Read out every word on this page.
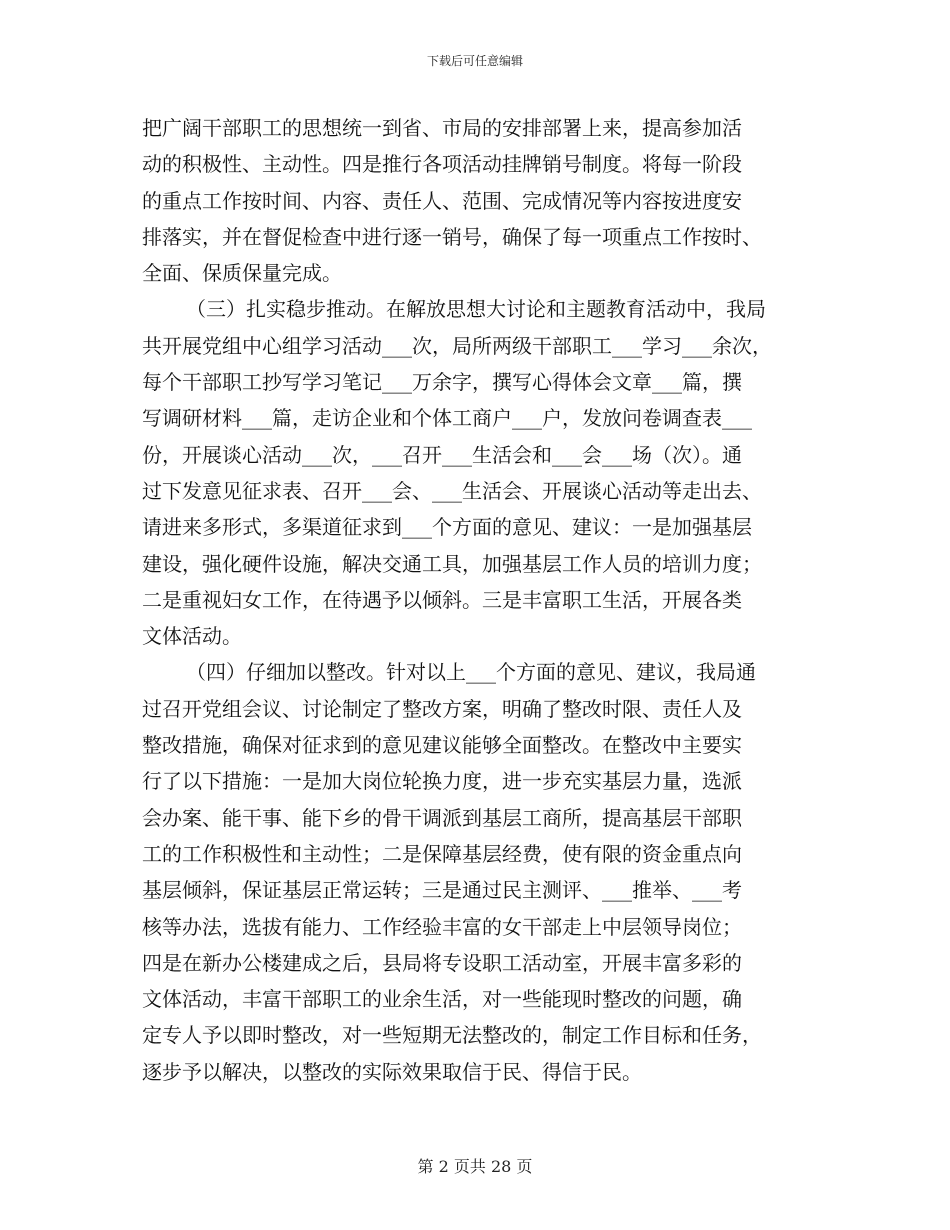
下载后可任意编辑
把广阔干部职工的思想统一到省、市局的安排部署上来，提高参加活
动的积极性、主动性。四是推行各项活动挂牌销号制度。将每一阶段
的重点工作按时间、内容、责任人、范围、完成情况等内容按进度安
排落实，并在督促检查中进行逐一销号，确保了每一项重点工作按时、
全面、保质保量完成。
（三）扎实稳步推动。在解放思想大讨论和主题教育活动中，我局
共开展党组中心组学习活动___次，局所两级干部职工___学习___余次，
每个干部职工抄写学习笔记___万余字，撰写心得体会文章___篇，撰
写调研材料___篇，走访企业和个体工商户___户，发放问卷调查表___
份，开展谈心活动___次，___召开___生活会和___会___场（次）。通
过下发意见征求表、召开___会、___生活会、开展谈心活动等走出去、
请进来多形式，多渠道征求到___个方面的意见、建议：一是加强基层
建设，强化硬件设施，解决交通工具，加强基层工作人员的培训力度；
二是重视妇女工作，在待遇予以倾斜。三是丰富职工生活，开展各类
文体活动。
（四）仔细加以整改。针对以上___个方面的意见、建议，我局通
过召开党组会议、讨论制定了整改方案，明确了整改时限、责任人及
整改措施，确保对征求到的意见建议能够全面整改。在整改中主要实
行了以下措施：一是加大岗位轮换力度，进一步充实基层力量，选派
会办案、能干事、能下乡的骨干调派到基层工商所，提高基层干部职
工的工作积极性和主动性；二是保障基层经费，使有限的资金重点向
基层倾斜，保证基层正常运转；三是通过民主测评、___推举、___考
核等办法，选拔有能力、工作经验丰富的女干部走上中层领导岗位；
四是在新办公楼建成之后，县局将专设职工活动室，开展丰富多彩的
文体活动，丰富干部职工的业余生活，对一些能现时整改的问题，确
定专人予以即时整改，对一些短期无法整改的，制定工作目标和任务，
逐步予以解决，以整改的实际效果取信于民、得信于民。
第 2 页共 28 页
